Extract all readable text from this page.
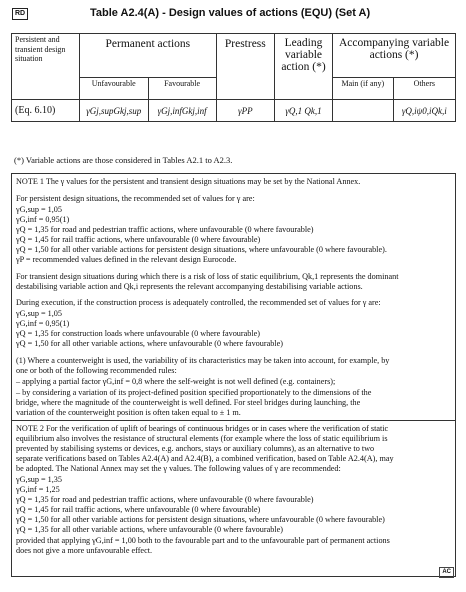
RD	Table A2.4(A) - Design values of actions (EQU) (Set A)
Persistent and transient design situation	Permanent actions		Prestress	Leading variable action (*)	Accompanying variable actions (*)	
	Unfavourable	Favourable			Main (if any)	Others
(Eq. 6.10)	γGj,supGkj,sup	γGj,infGkj,inf	γPP	γQ,1 Qk,1		γQ,iψ0,iQk,i
(*) Variable actions are those considered in Tables A2.1 to A2.3.
NOTE 1 The γ values for the persistent and transient design situations may be set by the National Annex.
For persistent design situations, the recommended set of values for γ are:
γG,sup = 1,05
γG,inf = 0,95(1)
γQ = 1,35 for road and pedestrian traffic actions, where unfavourable (0 where favourable)
γQ = 1,45 for rail traffic actions, where unfavourable (0 where favourable)
γQ = 1,50 for all other variable actions for persistent design situations, where unfavourable (0 where favourable).
γP = recommended values defined in the relevant design Eurocode.
For transient design situations during which there is a risk of loss of static equilibrium, Qk,1 represents the dominant
destabilising variable action and Qk,i represents the relevant accompanying destabilising variable actions.
During execution, if the construction process is adequately controlled, the recommended set of values for γ are:
γG,sup = 1,05
γG,inf = 0,95(1)
γQ = 1,35 for construction loads where unfavourable (0 where favourable)
γQ = 1,50 for all other variable actions, where unfavourable (0 where favourable)
(1) Where a counterweight is used, the variability of its characteristics may be taken into account, for example, by
one or both of the following recommended rules:
– applying a partial factor γG,inf = 0,8 where the self-weight is not well defined (e.g. containers);
– by considering a variation of its project-defined position specified proportionately to the dimensions of the
bridge, where the magnitude of the counterweight is well defined. For steel bridges during launching, the
variation of the counterweight position is often taken equal to ± 1 m.
NOTE 2 For the verification of uplift of bearings of continuous bridges or in cases where the verification of static
equilibrium also involves the resistance of structural elements (for example where the loss of static equilibrium is
prevented by stabilising systems or devices, e.g. anchors, stays or auxiliary columns), as an alternative to two
separate verifications based on Tables A2.4(A) and A2.4(B), a combined verification, based on Table A2.4(A), may
be adopted. The National Annex may set the γ values. The following values of γ are recommended:
γG,sup = 1,35
γG,inf = 1,25
γQ = 1,35 for road and pedestrian traffic actions, where unfavourable (0 where favourable)
γQ = 1,45 for rail traffic actions, where unfavourable (0 where favourable)
γQ = 1,50 for all other variable actions for persistent design situations, where unfavourable (0 where favourable)
γQ = 1,35 for all other variable actions, where unfavourable (0 where favourable)
provided that applying γG,inf = 1,00 both to the favourable part and to the unfavourable part of permanent actions
does not give a more unfavourable effect.
AC
